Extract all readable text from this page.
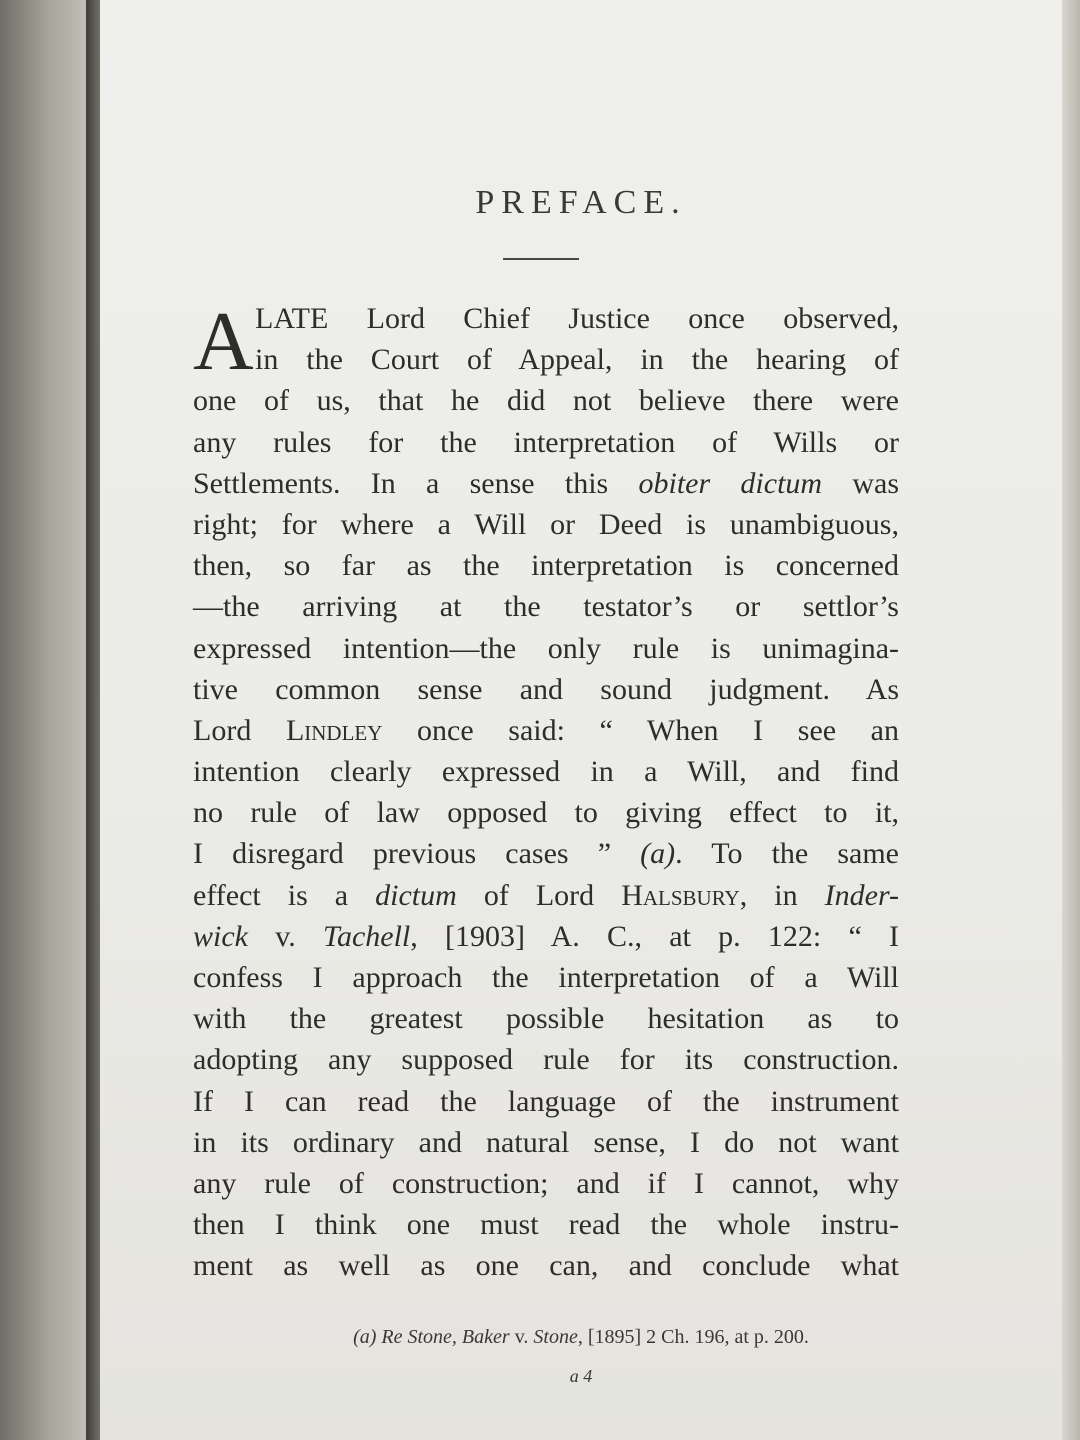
PREFACE.
A LATE Lord Chief Justice once observed,
in the Court of Appeal, in the hearing of
one of us, that he did not believe there were
any rules for the interpretation of Wills or
Settlements. In a sense this obiter dictum was
right; for where a Will or Deed is unambiguous,
then, so far as the interpretation is concerned
—the arriving at the testator’s or settlor’s
expressed intention—the only rule is unimagina-
tive common sense and sound judgment. As
Lord Lindley once said: “ When I see an
intention clearly expressed in a Will, and find
no rule of law opposed to giving effect to it,
I disregard previous cases ” (a). To the same
effect is a dictum of Lord Halsbury, in Inder-
wick v. Tachell, [1903] A. C., at p. 122: “ I
confess I approach the interpretation of a Will
with the greatest possible hesitation as to
adopting any supposed rule for its construction.
If I can read the language of the instrument
in its ordinary and natural sense, I do not want
any rule of construction; and if I cannot, why
then I think one must read the whole instru-
ment as well as one can, and conclude what
(a) Re Stone, Baker v. Stone, [1895] 2 Ch. 196, at p. 200.
a 4
